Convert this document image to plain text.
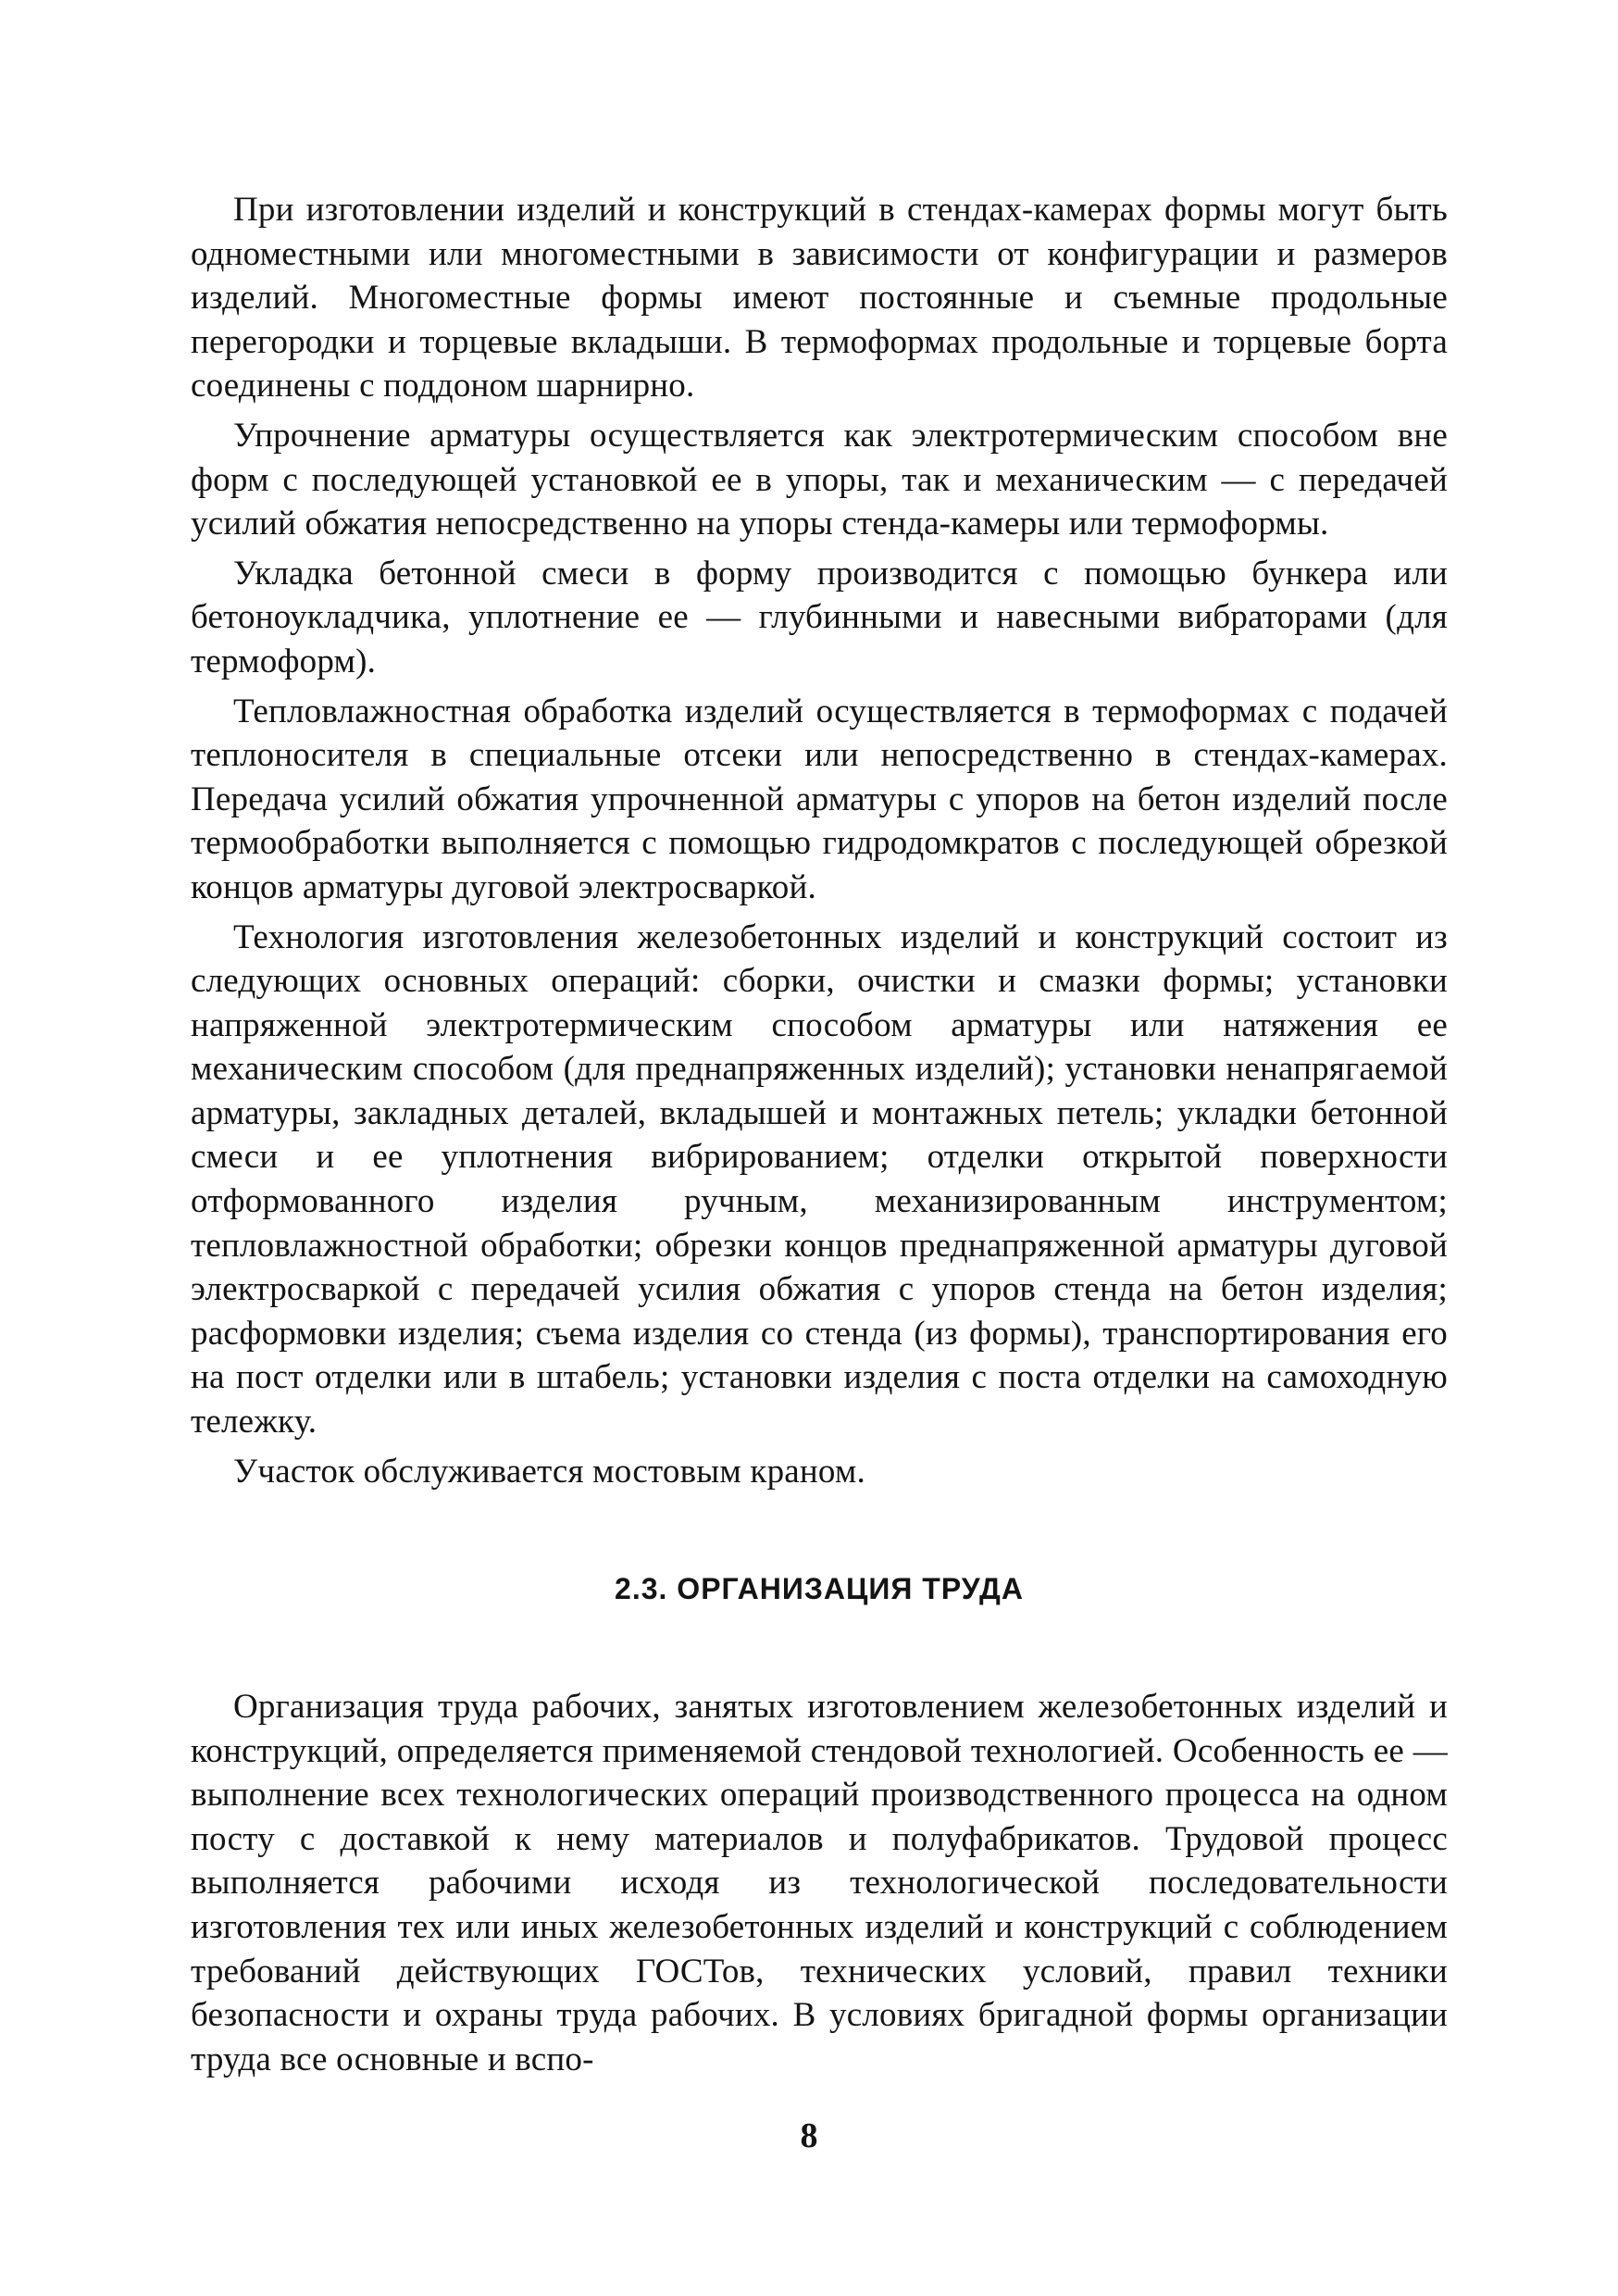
При изготовлении изделий и конструкций в стендах-камерах формы могут быть одноместными или многоместными в зависимости от конфигурации и размеров изделий. Многоместные формы имеют постоянные и съемные продольные перегородки и торцевые вкладыши. В термоформах продольные и торцевые борта соединены с поддоном шарнирно.

Упрочнение арматуры осуществляется как электротермическим способом вне форм с последующей установкой ее в упоры, так и механическим — с передачей усилий обжатия непосредственно на упоры стенда-камеры или термоформы.

Укладка бетонной смеси в форму производится с помощью бункера или бетоноукладчика, уплотнение ее — глубинными и навесными вибраторами (для термоформ).

Тепловлажностная обработка изделий осуществляется в термоформах с подачей теплоносителя в специальные отсеки или непосредственно в стендах-камерах. Передача усилий обжатия упрочненной арматуры с упоров на бетон изделий после термообработки выполняется с помощью гидродомкратов с последующей обрезкой концов арматуры дуговой электросваркой.

Технология изготовления железобетонных изделий и конструкций состоит из следующих основных операций: сборки, очистки и смазки формы; установки напряженной электротермическим способом арматуры или натяжения ее механическим способом (для преднапряженных изделий); установки ненапрягаемой арматуры, закладных деталей, вкладышей и монтажных петель; укладки бетонной смеси и ее уплотнения вибрированием; отделки открытой поверхности отформованного изделия ручным, механизированным инструментом; тепловлажностной обработки; обрезки концов преднапряженной арматуры дуговой электросваркой с передачей усилия обжатия с упоров стенда на бетон изделия; расформовки изделия; съема изделия со стенда (из формы), транспортирования его на пост отделки или в штабель; установки изделия с поста отделки на самоходную тележку.

Участок обслуживается мостовым краном.

2.3. ОРГАНИЗАЦИЯ ТРУДА

Организация труда рабочих, занятых изготовлением железобетонных изделий и конструкций, определяется применяемой стендовой технологией. Особенность ее — выполнение всех технологических операций производственного процесса на одном посту с доставкой к нему материалов и полуфабрикатов. Трудовой процесс выполняется рабочими исходя из технологической последовательности изготовления тех или иных железобетонных изделий и конструкций с соблюдением требований действующих ГОСТов, технических условий, правил техники безопасности и охраны труда рабочих. В условиях бригадной формы организации труда все основные и вспо-

8
